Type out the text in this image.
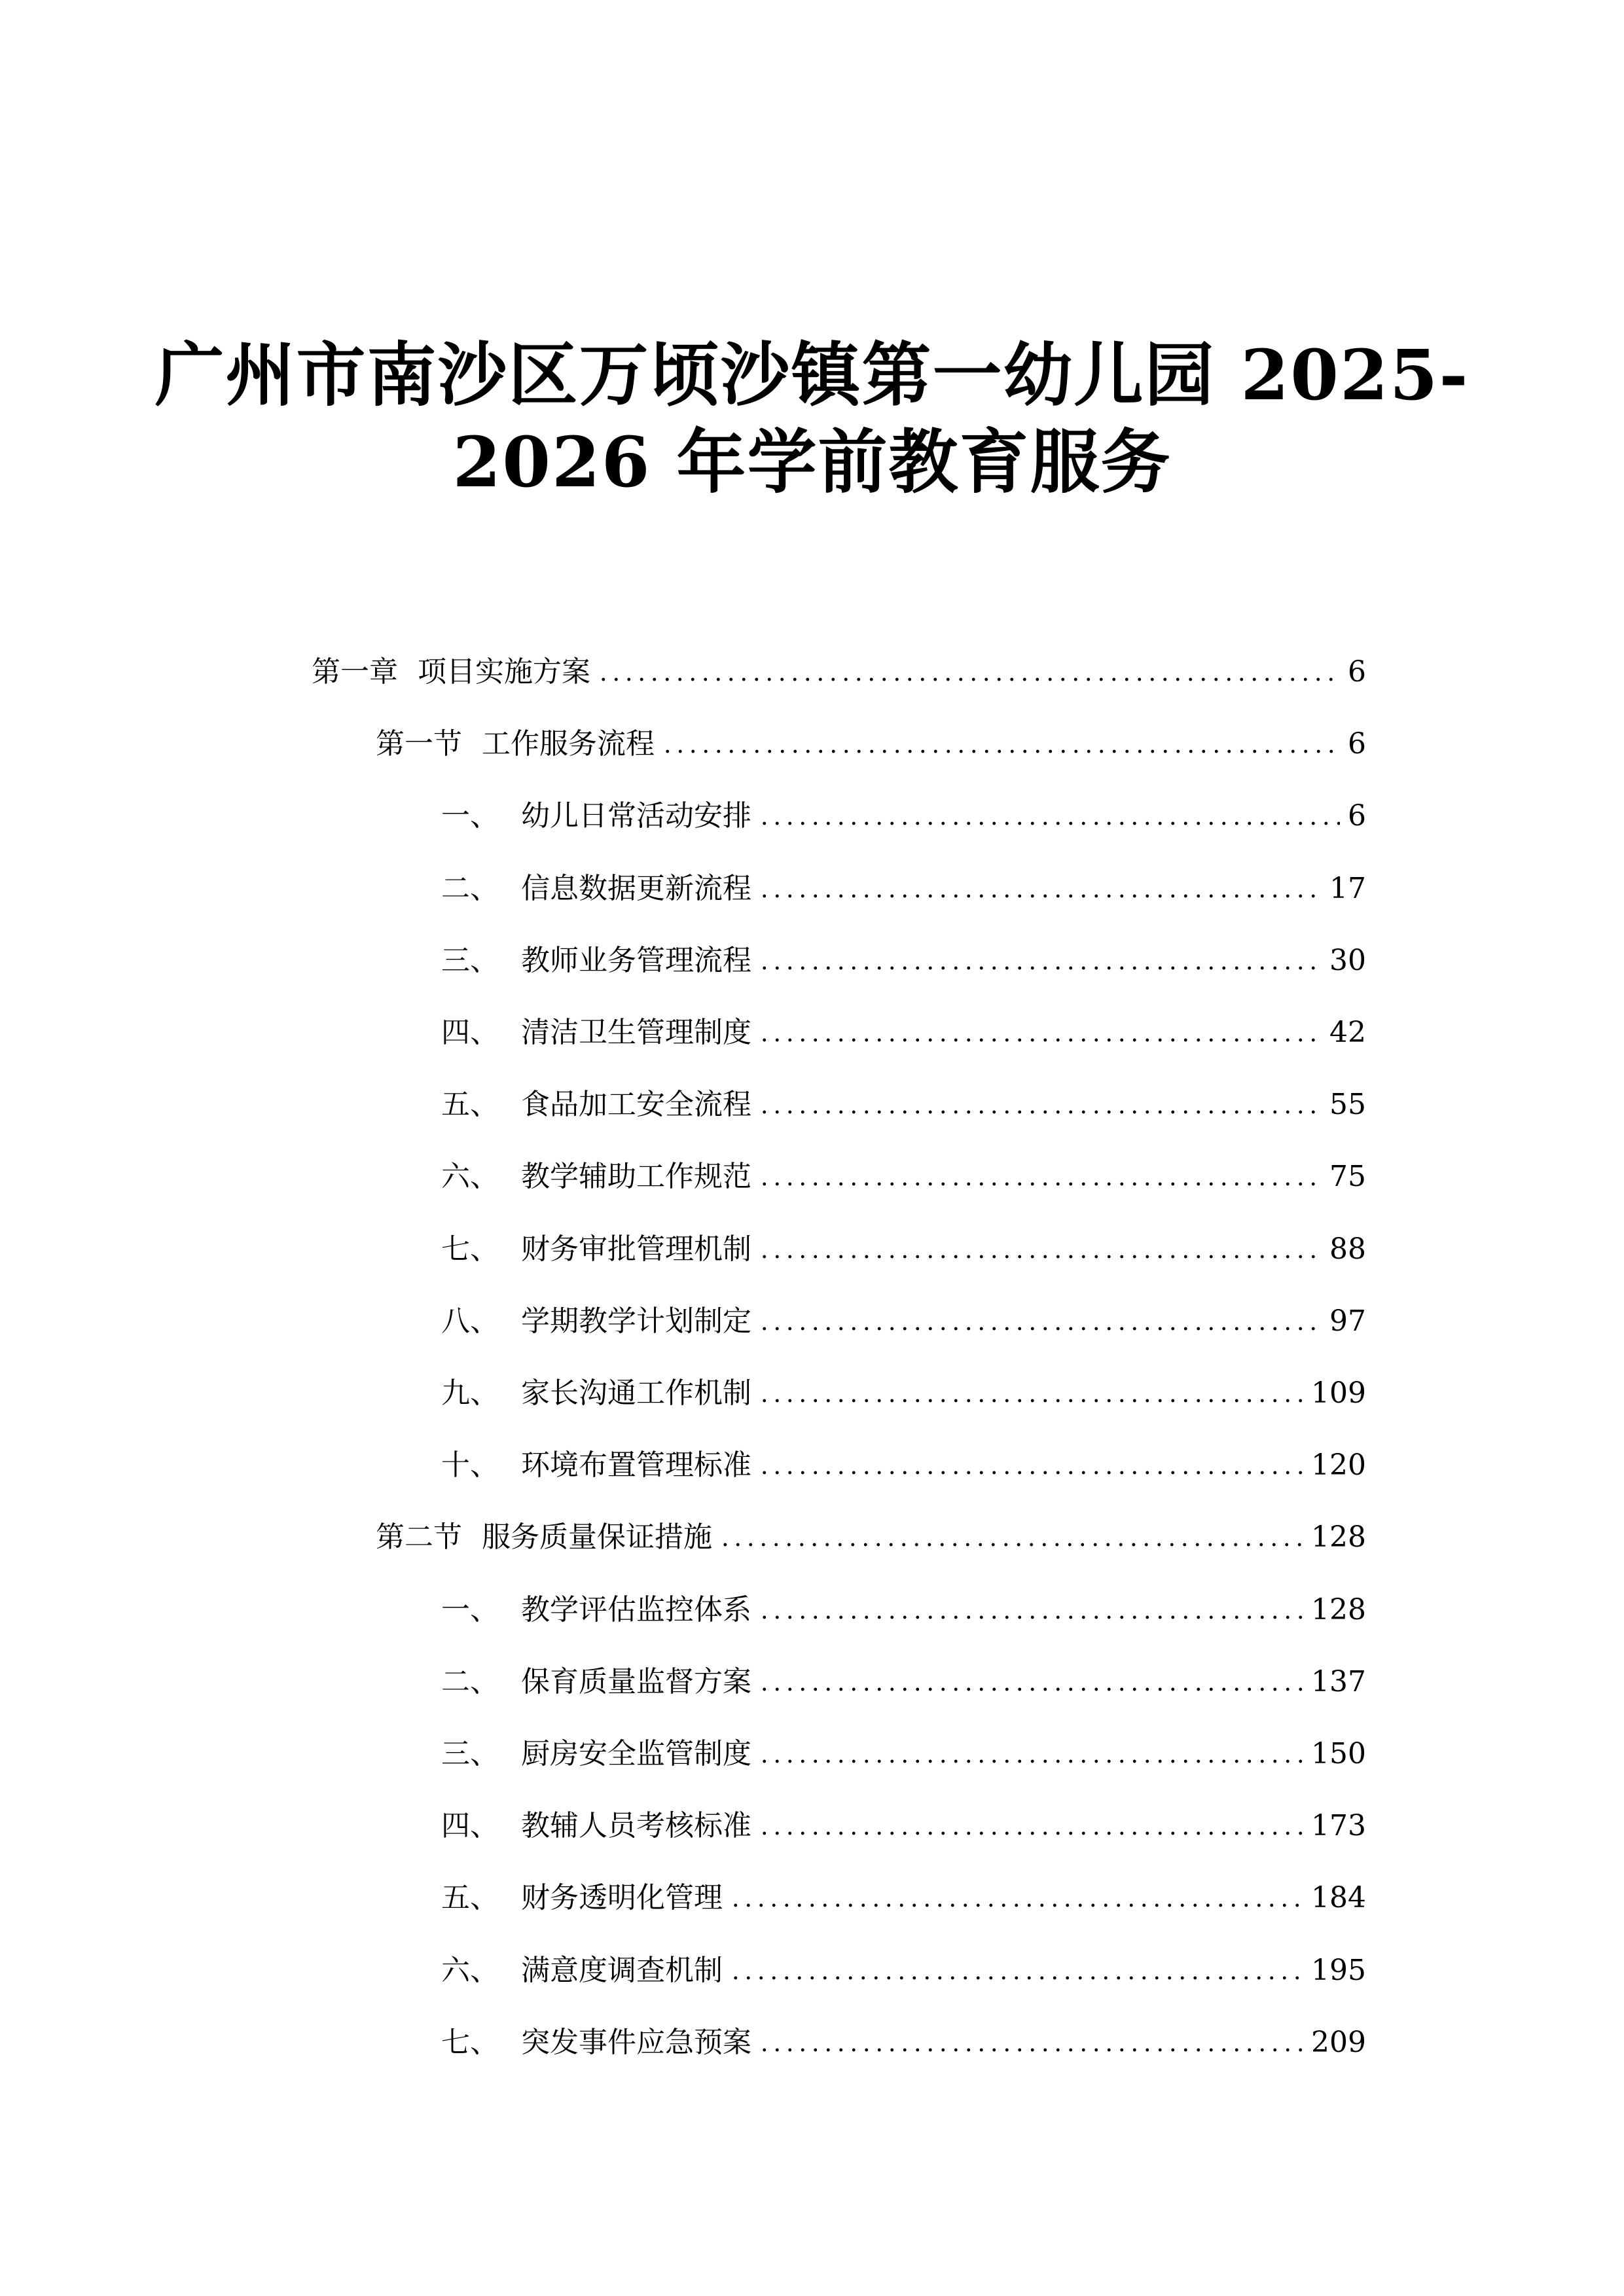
广州市南沙区万顷沙镇第一幼儿园 2025-
2026 年学前教育服务
第一章 项目实施方案	6
第一节 工作服务流程	6
一、 幼儿日常活动安排	6
二、 信息数据更新流程	17
三、 教师业务管理流程	30
四、 清洁卫生管理制度	42
五、 食品加工安全流程	55
六、 教学辅助工作规范	75
七、 财务审批管理机制	88
八、 学期教学计划制定	97
九、 家长沟通工作机制	109
十、 环境布置管理标准	120
第二节 服务质量保证措施	128
一、 教学评估监控体系	128
二、 保育质量监督方案	137
三、 厨房安全监管制度	150
四、 教辅人员考核标准	173
五、 财务透明化管理	184
六、 满意度调查机制	195
七、 突发事件应急预案	209
